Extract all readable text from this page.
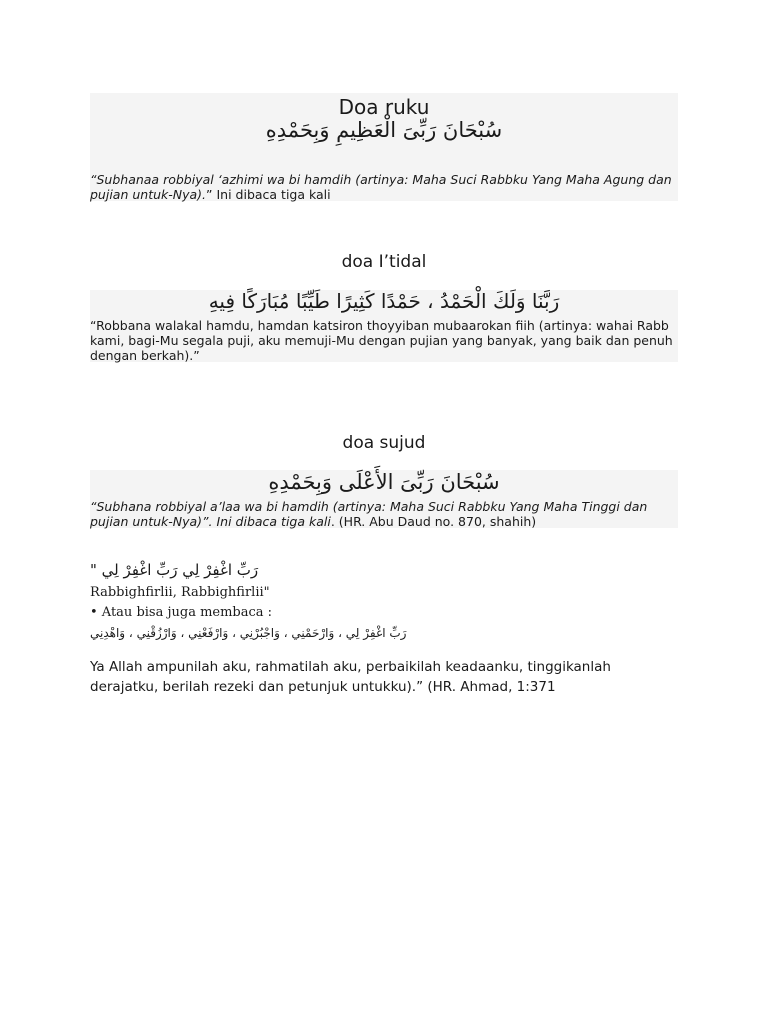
Doa ruku
سُبْحَانَ رَبِّىَ الْعَظِيمِ وَبِحَمْدِهِ

“Subhanaa robbiyal ‘azhimi wa bi hamdih (artinya: Maha Suci Rabbku Yang Maha Agung dan pujian untuk-Nya).” Ini dibaca tiga kali

doa I’tidal
رَبَّنَا وَلَكَ الْحَمْدُ ، حَمْدًا كَثِيرًا طَيِّبًا مُبَارَكًا فِيهِ

“Robbana walakal hamdu, hamdan katsiron thoyyiban mubaarokan fiih (artinya: wahai Rabb kami, bagi-Mu segala puji, aku memuji-Mu dengan pujian yang banyak, yang baik dan penuh dengan berkah).”

doa sujud
سُبْحَانَ رَبِّىَ الأَعْلَى وَبِحَمْدِهِ

“Subhana robbiyal a’laa wa bi hamdih (artinya: Maha Suci Rabbku Yang Maha Tinggi dan pujian untuk-Nya)”. Ini dibaca tiga kali. (HR. Abu Daud no. 870, shahih)

رَبِّ اغْفِرْ لِي رَبِّ اغْفِرْ لِي "

Rabbighfirlii, Rabbighfirlii"

• Atau bisa juga membaca :

رَبِّ اغْفِرْ لِي ، وَارْحَمْنِي ، وَاجْبُرْنِي ، وَارْفَعْنِي ، وَارْزُقْنِي ، وَاهْدِنِي

Ya Allah ampunilah aku, rahmatilah aku, perbaikilah keadaanku, tinggikanlah derajatku, berilah rezeki dan petunjuk untukku).” (HR. Ahmad, 1:371
